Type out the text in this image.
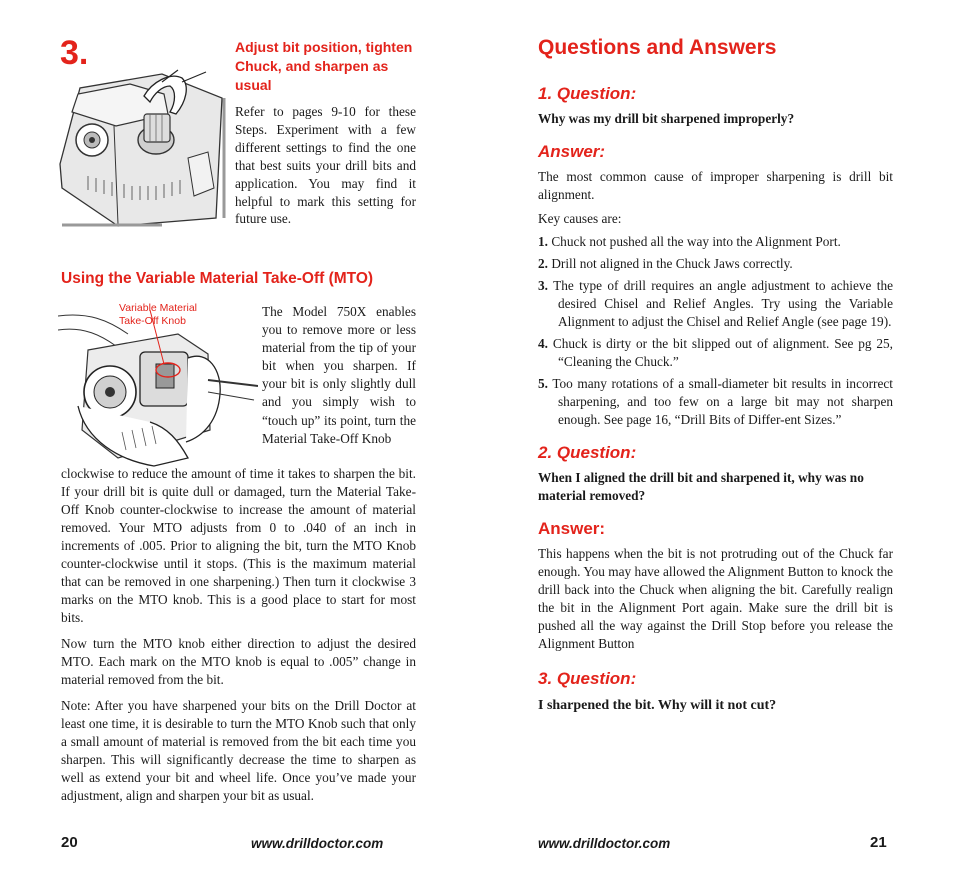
3.	Adjust bit position, tighten Chuck, and sharpen as usual
Refer to pages 9-10 for these Steps. Experiment with a few different settings to find the one that best suits your drill bits and application. You may find it helpful to mark this setting for future use.
Using the Variable Material Take-Off (MTO)
Variable Material
Take-Off Knob
The Model 750X enables you to remove more or less material from the tip of your bit when you sharpen. If your bit is only slightly dull and you simply wish to “touch up” its point, turn the Material Take-Off Knob

clockwise to reduce the amount of time it takes to sharpen the bit. If your drill bit is quite dull or damaged, turn the Material Take-Off Knob counter-clockwise to increase the amount of material removed. Your MTO adjusts from 0 to .040 of an inch in increments of .005. Prior to aligning the bit, turn the MTO Knob counter-clockwise until it stops. (This is the maximum material that can be removed in one sharpening.) Then turn it clockwise 3 marks on the MTO knob. This is a good place to start for most bits.

Now turn the MTO knob either direction to adjust the desired MTO. Each mark on the MTO knob is equal to .005” change in material removed from the bit.

Note: After you have sharpened your bits on the Drill Doctor at least one time, it is desirable to turn the MTO Knob such that only a small amount of material is removed from the bit each time you sharpen. This will significantly decrease the time to sharpen as well as extend your bit and wheel life. Once you’ve made your adjustment, align and sharpen your bit as usual.

20	www.drilldoctor.com
Questions and Answers

1. Question:

Why was my drill bit sharpened improperly?

Answer:

The most common cause of improper sharpening is drill bit alignment.

Key causes are:

1. Chuck not pushed all the way into the Alignment Port.
2. Drill not aligned in the Chuck Jaws correctly.
3. The type of drill requires an angle adjustment to achieve the desired Chisel and Relief Angles. Try using the Variable Alignment to adjust the Chisel and Relief Angle (see page 19).
4. Chuck is dirty or the bit slipped out of alignment. See pg 25, “Cleaning the Chuck.”
5. Too many rotations of a small-diameter bit results in incorrect sharpening, and too few on a large bit may not sharpen enough. See page 16, “Drill Bits of Differ-ent Sizes.”

2. Question:

When I aligned the drill bit and sharpened it, why was no material removed?

Answer:

This happens when the bit is not protruding out of the Chuck far enough. You may have allowed the Alignment Button to knock the drill back into the Chuck when aligning the bit. Carefully realign the bit in the Alignment Port again. Make sure the drill bit is pushed all the way against the Drill Stop before you release the Alignment Button

3. Question:

I sharpened the bit. Why will it not cut?

www.drilldoctor.com	21
